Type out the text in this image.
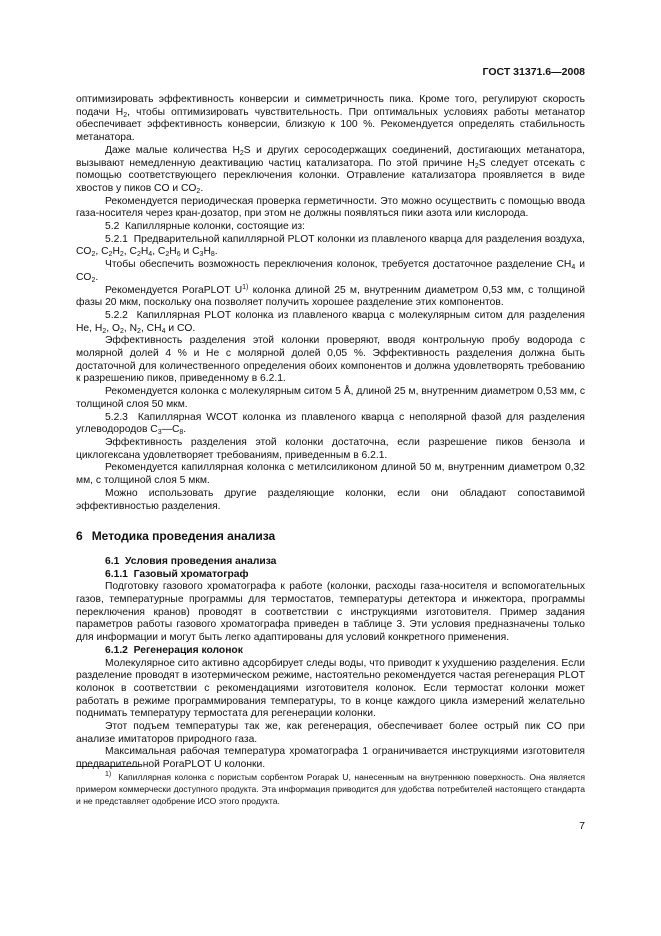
ГОСТ 31371.6—2008

оптимизировать эффективность конверсии и симметричность пика. Кроме того, регулируют скорость подачи $H_2$, чтобы оптимизировать чувствительность. При оптимальных условиях работы метанатор обеспечивает эффективность конверсии, близкую к 100 %. Рекомендуется определять стабильность метанатора.

Даже малые количества $H_2S$ и других серосодержащих соединений, достигающих метанатора, вызывают немедленную деактивацию частиц катализатора. По этой причине $H_2S$ следует отсекать с помощью соответствующего переключения колонки. Отравление катализатора проявляется в виде хвостов у пиков CO и $CO_2$.

Рекомендуется периодическая проверка герметичности. Это можно осуществить с помощью ввода газа-носителя через кран-дозатор, при этом не должны появляться пики азота или кислорода.

5.2  Капиллярные колонки, состоящие из:

5.2.1  Предварительной капиллярной PLOT колонки из плавленого кварца для разделения воздуха, $CO_2$, $C_2H_2$, $C_2H_4$, $C_2H_6$ и $C_3H_8$.

Чтобы обеспечить возможность переключения колонок, требуется достаточное разделение $CH_4$ и $CO_2$.

Рекомендуется PoraPLOT $U^{1)}$ колонка длиной 25 м, внутренним диаметром 0,53 мм, с толщиной фазы 20 мкм, поскольку она позволяет получить хорошее разделение этих компонентов.

5.2.2  Капиллярная PLOT колонка из плавленого кварца с молекулярным ситом для разделения He, $H_2$, $O_2$, $N_2$, $CH_4$ и CO.

Эффективность разделения этой колонки проверяют, вводя контрольную пробу водорода с молярной долей 4 % и He с молярной долей 0,05 %. Эффективность разделения должна быть достаточной для количественного определения обоих компонентов и должна удовлетворять требованию к разрешению пиков, приведенному в 6.2.1.

Рекомендуется колонка с молекулярным ситом 5 Å, длиной 25 м, внутренним диаметром 0,53 мм, с толщиной слоя 50 мкм.

5.2.3  Капиллярная WCOT колонка из плавленого кварца с неполярной фазой для разделения углеводородов $C_3—C_8$.

Эффективность разделения этой колонки достаточна, если разрешение пиков бензола и циклогексана удовлетворяет требованиям, приведенным в 6.2.1.

Рекомендуется капиллярная колонка с метилсиликоном длиной 50 м, внутренним диаметром 0,32 мм, с толщиной слоя 5 мкм.

Можно использовать другие разделяющие колонки, если они обладают сопоставимой эффективностью разделения.

6 Методика проведения анализа

6.1  Условия проведения анализа

6.1.1  Газовый хроматограф

Подготовку газового хроматографа к работе (колонки, расходы газа-носителя и вспомогательных газов, температурные программы для термостатов, температуры детектора и инжектора, программы переключения кранов) проводят в соответствии с инструкциями изготовителя. Пример задания параметров работы газового хроматографа приведен в таблице 3. Эти условия предназначены только для информации и могут быть легко адаптированы для условий конкретного применения.

6.1.2  Регенерация колонок

Молекулярное сито активно адсорбирует следы воды, что приводит к ухудшению разделения. Если разделение проводят в изотермическом режиме, настоятельно рекомендуется частая регенерация PLOT колонок в соответствии с рекомендациями изготовителя колонок. Если термостат колонки может работать в режиме программирования температуры, то в конце каждого цикла измерений желательно поднимать температуру термостата для регенерации колонки.

Этот подъем температуры так же, как регенерация, обеспечивает более острый пик CO при анализе имитаторов природного газа.

Максимальная рабочая температура хроматографа 1 ограничивается инструкциями изготовителя предварительной PoraPLOT U колонки.

$^{1)}$  Капиллярная колонка с пористым сорбентом Porapak U, нанесенным на внутреннюю поверхность. Она является примером коммерчески доступного продукта. Эта информация приводится для удобства потребителей настоящего стандарта и не представляет одобрение ИСО этого продукта.

7
